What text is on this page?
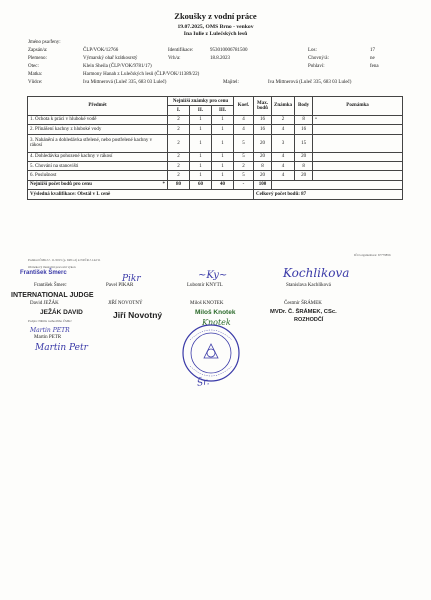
Zkoušky z vodní práce
19.07.2025, OMS Brno - venkov
Ina Iulie z Lulečských lesů
Jméno psa/feny:
Zapsán/a:	ČLP/VOK/12766	Identifikace:	953010006781500	Los:	17
Plemeno:	Výmarský ohař krátkosrstý	Vrh/a:	18.8.2023	Chovný/á:	ne
Otec:	Klein Sheila (ČLP/VOK/9781/17)	Pohlaví:	fena
Matka:	Harmony Hanah z Lulečských lesů (ČLP/VOK/11389/22)
Vůdce:	Iva Mittnerová (Luleč 335, 683 03 Luleč)	Majitel:	Iva Mittnerová (Luleč 335, 683 03 Luleč)
Předmět	Nejnižší známky pro cenu			Koef.	Max. bodů	Známka	Body	Poznámka
	I.	II.	III.					
1. Ochota k práci v hluboké vodě	2	1	1	4	16	2	8	•
2. Přinášení kachny z hluboké vody	2	1	1	4	16	4	16	
3. Nahánění a dohledávka střelené, nebo postřelené kachny v rákosí	2	1	1	5	20	3	15	
4. Dohledávka pohozené kachny v rákosí	2	1	1	5	20	4	20	
5. Chování na stanovišti	2	1	1	2	8	4	8	
6. Poslušnost	2	1	1	5	20	4	20	
Nejnižší počet bodů pro cenu *	80	60	40	-	100			
Výsledná kvalifikace: Obstál v I. ceně					Celkový počet bodů: 87			
IČO organizátora: 67779856
Podklad ČMKJ č. 11/2015 (p. 948 s.2) k NZČR č.142/11
Obrázkový ilustrační pracovní výkon
František Šmerc
František Šmerc
INTERNATIONAL JUDGE
Pavel PIKAR
Pikr
Lubomír KNYTL
~Ky~	Kochlikova
Stanislava Kachlíková
David JEŽÁK
JEŽÁK DAVID
Podpis: Nihilis rozhodčího ČMKJ
JIŘÍ NOVOTNÝ
Jiří Novotný
Miloš KNOTEK
Miloš Knotek
Knotek
Čestmír ŠRÁMEK
MVDr. Č. ŠRÁMEK, CSc.
ROZHODČÍ
Martin PETR
Martin PETR
Martin Petr
Šr.
